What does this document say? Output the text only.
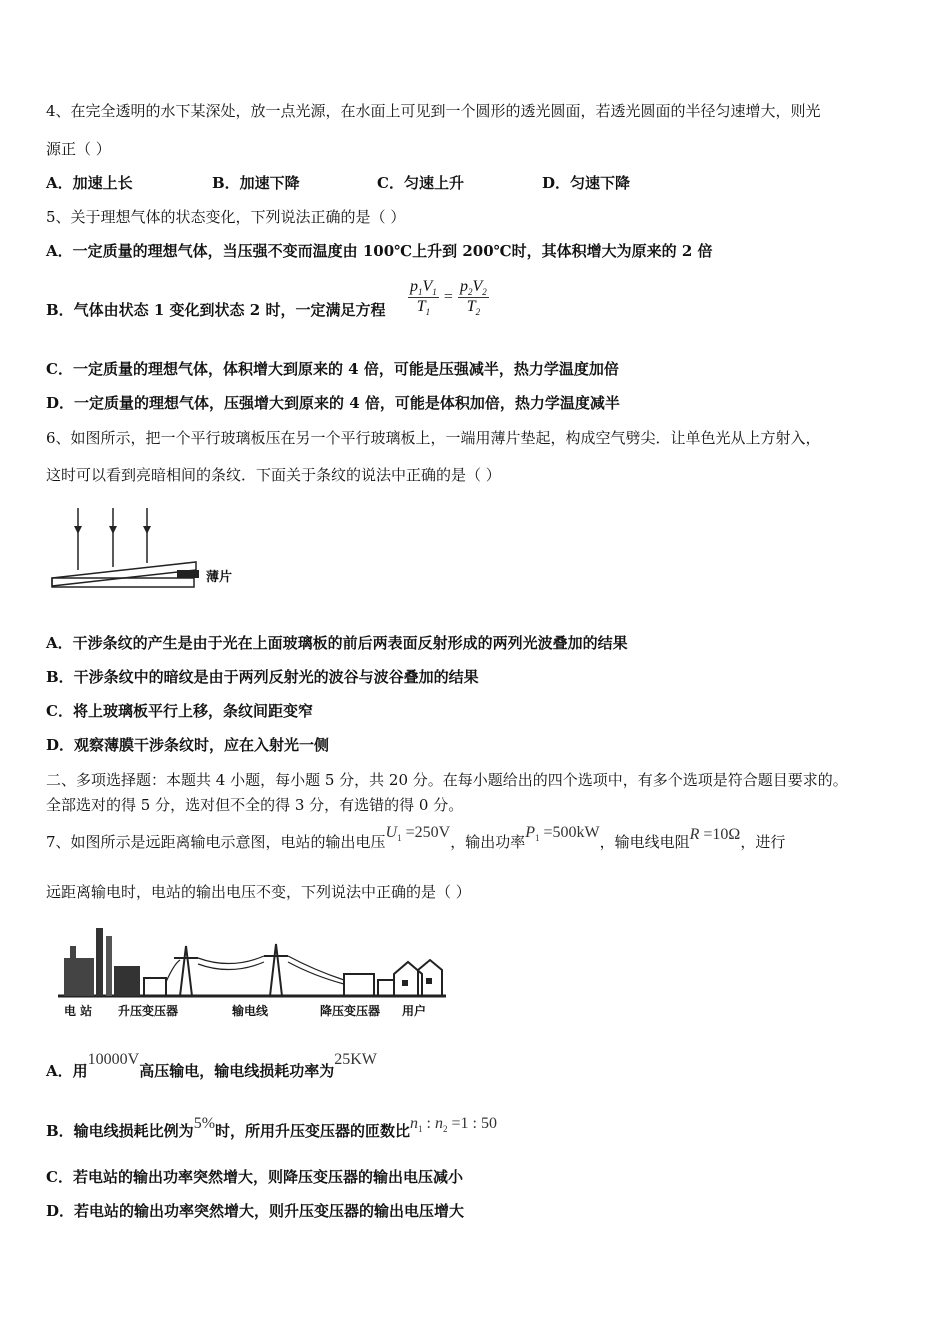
4、在完全透明的水下某深处，放一点光源，在水面上可见到一个圆形的透光圆面，若透光圆面的半径匀速增大，则光
源正（ ）
A．加速上长	B．加速下降	C．匀速上升	D．匀速下降
5、关于理想气体的状态变化，下列说法正确的是（ ）
A．一定质量的理想气体，当压强不变而温度由 100℃上升到 200℃时，其体积增大为原来的 2 倍
B．气体由状态 1 变化到状态 2 时，一定满足方程 $\frac{p_1V_1}{T_1} = \frac{p_2V_2}{T_2}$
C．一定质量的理想气体，体积增大到原来的 4 倍，可能是压强减半，热力学温度加倍
D．一定质量的理想气体，压强增大到原来的 4 倍，可能是体积加倍，热力学温度减半
6、如图所示，把一个平行玻璃板压在另一个平行玻璃板上，一端用薄片垫起，构成空气劈尖．让单色光从上方射入，
这时可以看到亮暗相间的条纹．下面关于条纹的说法中正确的是（ ）
薄片
A．干涉条纹的产生是由于光在上面玻璃板的前后两表面反射形成的两列光波叠加的结果
B．干涉条纹中的暗纹是由于两列反射光的波谷与波谷叠加的结果
C．将上玻璃板平行上移，条纹间距变窄
D．观察薄膜干涉条纹时，应在入射光一侧
二、多项选择题：本题共 4 小题，每小题 5 分，共 20 分。在每小题给出的四个选项中，有多个选项是符合题目要求的。
全部选对的得 5 分，选对但不全的得 3 分，有选错的得 0 分。
7、如图所示是远距离输电示意图，电站的输出电压$U_1 =250V$，输出功率$P_1 =500kW$，输电线电阻R =10Ω，进行
远距离输电时，电站的输出电压不变，下列说法中正确的是（ ）
电 站 升压变压器	输电线	降压变压器 用户
A．用10000V高压输电，输电线损耗功率为25KW
B．输电线损耗比例为5%时，所用升压变压器的匝数比$n_1$ : $n_2 =1$ : 50
C．若电站的输出功率突然增大，则降压变压器的输出电压减小
D．若电站的输出功率突然增大，则升压变压器的输出电压增大
